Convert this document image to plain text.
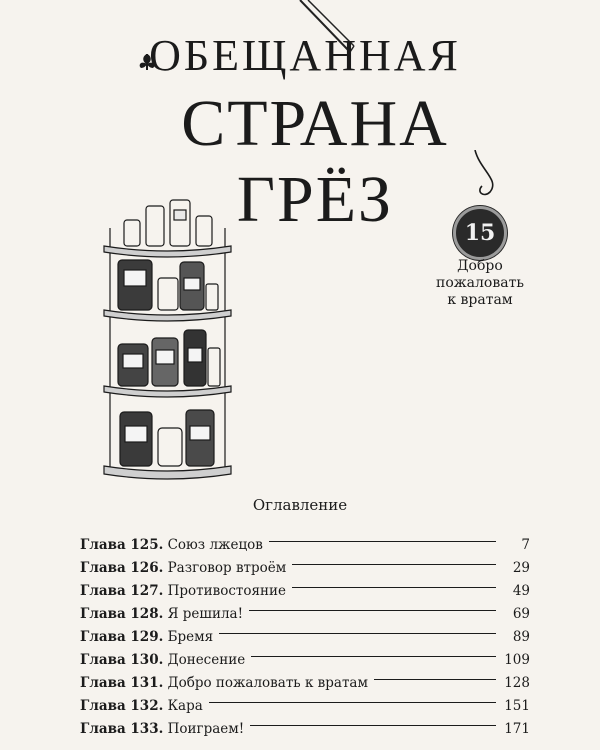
ОБЕЩАННАЯ
СТРАНА ГРЁЗ	15
Добро
пожаловать
к вратам
Оглавление
Глава 125. Союз лжецов	7
Глава 126. Разговор втроём	29
Глава 127. Противостояние	49
Глава 128. Я решила!	69
Глава 129. Бремя	89
Глава 130. Донесение	109
Глава 131. Добро пожаловать к вратам	128
Глава 132. Кара	151
Глава 133. Поиграем!	171
